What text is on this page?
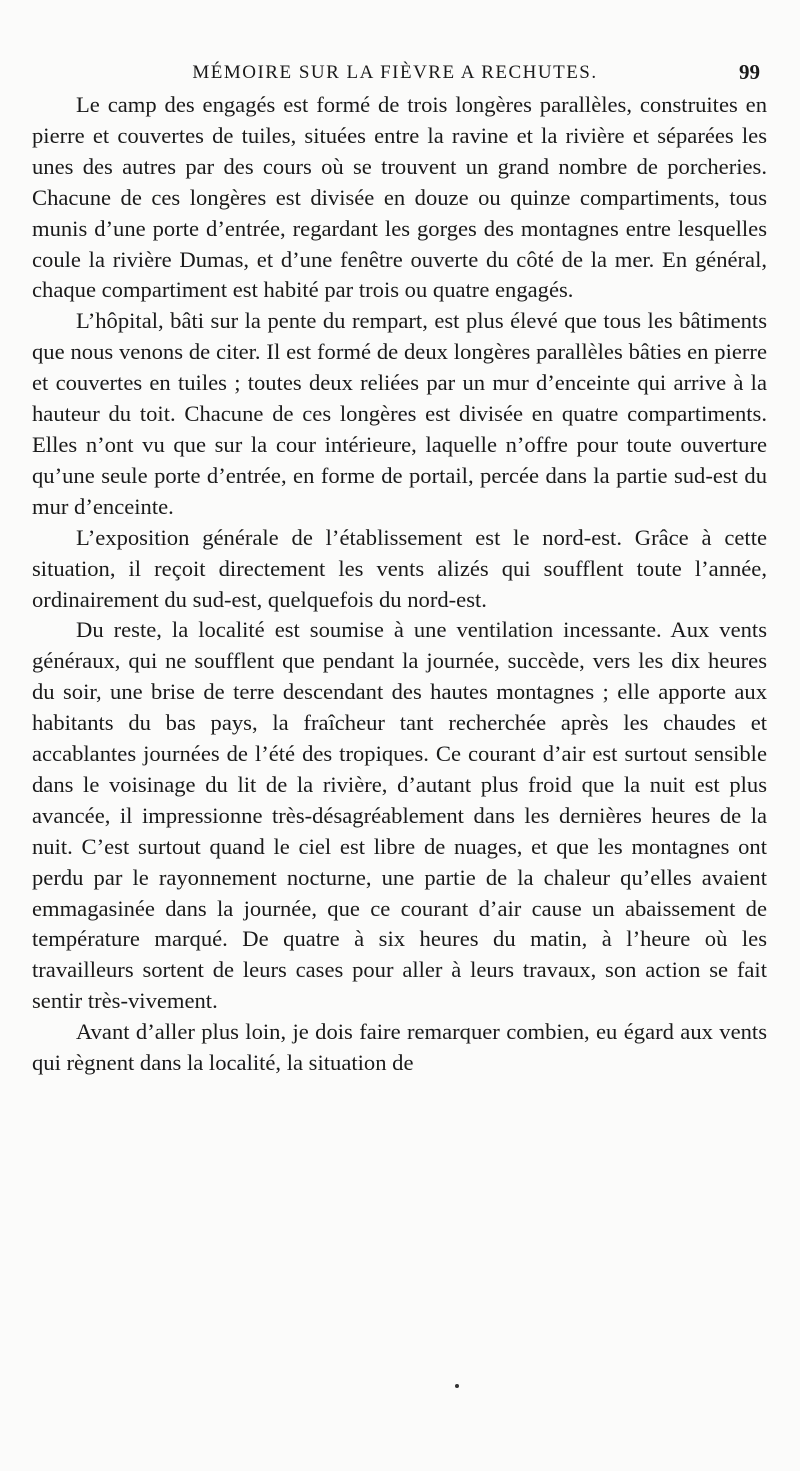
MÉMOIRE SUR LA FIÈVRE A RECHUTES.	99

Le camp des engagés est formé de trois longères parallèles, construites en pierre et couvertes de tuiles, situées entre la ravine et la rivière et séparées les unes des autres par des cours où se trouvent un grand nombre de porcheries. Chacune de ces longères est divisée en douze ou quinze compartiments, tous munis d’une porte d’entrée, regardant les gorges des montagnes entre lesquelles coule la rivière Dumas, et d’une fenêtre ouverte du côté de la mer. En général, chaque compartiment est habité par trois ou quatre engagés.

L’hôpital, bâti sur la pente du rempart, est plus élevé que tous les bâtiments que nous venons de citer. Il est formé de deux longères parallèles bâties en pierre et couvertes en tuiles ; toutes deux reliées par un mur d’enceinte qui arrive à la hauteur du toit. Chacune de ces longères est divisée en quatre compartiments. Elles n’ont vu que sur la cour intérieure, laquelle n’offre pour toute ouverture qu’une seule porte d’entrée, en forme de portail, percée dans la partie sud-est du mur d’enceinte.

L’exposition générale de l’établissement est le nord-est. Grâce à cette situation, il reçoit directement les vents alizés qui soufflent toute l’année, ordinairement du sud-est, quelquefois du nord-est.

Du reste, la localité est soumise à une ventilation incessante. Aux vents généraux, qui ne soufflent que pendant la journée, succède, vers les dix heures du soir, une brise de terre descendant des hautes montagnes ; elle apporte aux habitants du bas pays, la fraîcheur tant recherchée après les chaudes et accablantes journées de l’été des tropiques. Ce courant d’air est surtout sensible dans le voisinage du lit de la rivière, d’autant plus froid que la nuit est plus avancée, il impressionne très-désagréablement dans les dernières heures de la nuit. C’est surtout quand le ciel est libre de nuages, et que les montagnes ont perdu par le rayonnement nocturne, une partie de la chaleur qu’elles avaient emmagasinée dans la journée, que ce courant d’air cause un abaissement de température marqué. De quatre à six heures du matin, à l’heure où les travailleurs sortent de leurs cases pour aller à leurs travaux, son action se fait sentir très-vivement.

Avant d’aller plus loin, je dois faire remarquer combien, eu égard aux vents qui règnent dans la localité, la situation de
